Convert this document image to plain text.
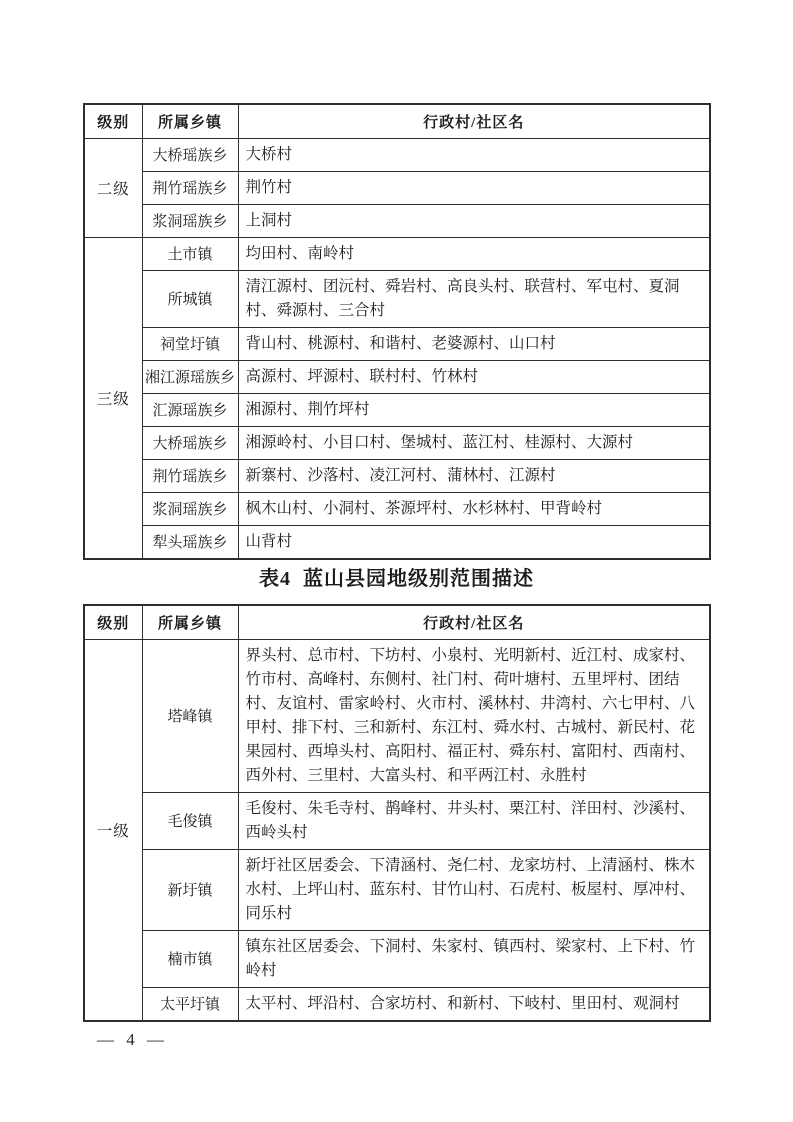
级别	所属乡镇	行政村/社区名
二级	大桥瑶族乡	大桥村
	荆竹瑶族乡	荆竹村
	浆洞瑶族乡	上洞村
三级	土市镇	均田村、南岭村
	所城镇	清江源村、团沅村、舜岩村、高良头村、联营村、军屯村、夏洞村、舜源村、三合村
	祠堂圩镇	背山村、桃源村、和谐村、老婆源村、山口村
	湘江源瑶族乡	高源村、坪源村、联村村、竹林村
	汇源瑶族乡	湘源村、荆竹坪村
	大桥瑶族乡	湘源岭村、小目口村、堡城村、蓝江村、桂源村、大源村
	荆竹瑶族乡	新寨村、沙落村、凌江河村、蒲林村、江源村
	浆洞瑶族乡	枫木山村、小洞村、茶源坪村、水杉林村、甲背岭村
	犁头瑶族乡	山背村
表4  蓝山县园地级别范围描述
级别	所属乡镇	行政村/社区名
一级	塔峰镇	界头村、总市村、下坊村、小泉村、光明新村、近江村、成家村、竹市村、高峰村、东侧村、社门村、荷叶塘村、五里坪村、团结村、友谊村、雷家岭村、火市村、溪林村、井湾村、六七甲村、八甲村、排下村、三和新村、东江村、舜水村、古城村、新民村、花果园村、西埠头村、高阳村、福正村、舜东村、富阳村、西南村、西外村、三里村、大富头村、和平两江村、永胜村
	毛俊镇	毛俊村、朱毛寺村、鹊峰村、井头村、栗江村、洋田村、沙溪村、西岭头村
	新圩镇	新圩社区居委会、下清涵村、尧仁村、龙家坊村、上清涵村、株木水村、上坪山村、蓝东村、甘竹山村、石虎村、板屋村、厚冲村、同乐村
	楠市镇	镇东社区居委会、下洞村、朱家村、镇西村、梁家村、上下村、竹岭村
	太平圩镇	太平村、坪沿村、合家坊村、和新村、下岐村、里田村、观洞村
— 4 —
